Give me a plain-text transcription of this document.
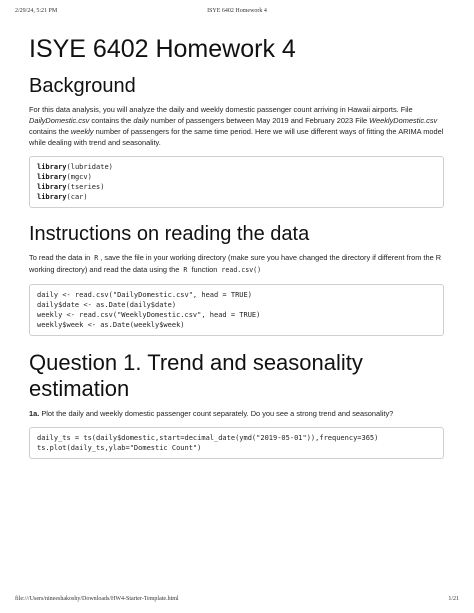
2/29/24, 5:21 PM	ISYE 6402 Homework 4
ISYE 6402 Homework 4
Background

For this data analysis, you will analyze the daily and weekly domestic passenger count arriving in Hawaii airports. File DailyDomestic.csv contains the daily number of passengers between May 2019 and February 2023 File WeeklyDomestic.csv contains the weekly number of passengers for the same time period. Here we will use different ways of fitting the ARIMA model while dealing with trend and seasonality.

library(lubridate)
library(mgcv)
library(tseries)
library(car)
Instructions on reading the data

To read the data in R , save the file in your working directory (make sure you have changed the directory if different from the R working directory) and read the data using the R function read.csv()

daily <- read.csv("DailyDomestic.csv", head = TRUE)
daily$date <- as.Date(daily$date)
weekly <- read.csv("WeeklyDomestic.csv", head = TRUE)
weekly$week <- as.Date(weekly$week)
Question 1. Trend and seasonality estimation

1a. Plot the daily and weekly domestic passenger count separately. Do you see a strong trend and seasonality?

daily_ts = ts(daily$domestic,start=decimal_date(ymd("2019-05-01")),frequency=365)
ts.plot(daily_ts,ylab="Domestic Count")
file:///Users/nineeshakoshy/Downloads/HW4-Starter-Template.html	1/21
